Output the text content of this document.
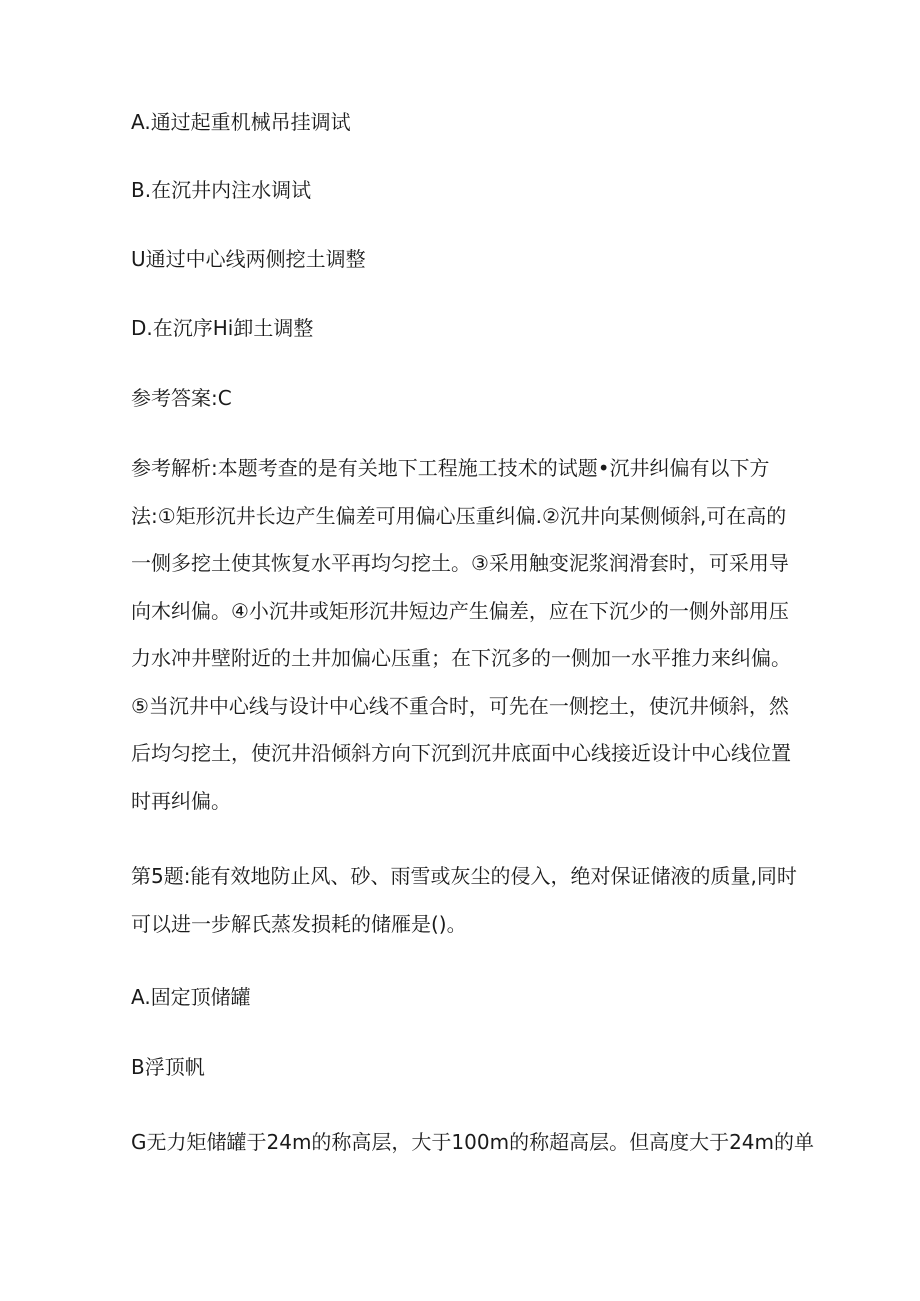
A.通过起重机械吊挂调试
B.在沉井内注水调试
U通过中心线两侧挖土调整
D.在沉序Hi卸土调整
参考答案:C
参考解析:本题考查的是有关地下工程施工技术的试题•沉井纠偏有以下方
法:①矩形沉井长边产生偏差可用偏心压重纠偏.②沉井向某侧倾斜,可在高的
一侧多挖土使其恢复水平再均匀挖土。③采用触变泥浆润滑套时，可采用导
向木纠偏。④小沉井或矩形沉井短边产生偏差，应在下沉少的一侧外部用压
力水冲井壁附近的土井加偏心压重；在下沉多的一侧加一水平推力来纠偏。
⑤当沉井中心线与设计中心线不重合时，可先在一侧挖土，使沉井倾斜，然
后均匀挖土，使沉井沿倾斜方向下沉到沉井底面中心线接近设计中心线位置
时再纠偏。
第5题:能有效地防止风、砂、雨雪或灰尘的侵入，绝对保证储液的质量,同时
可以进一步解氏蒸发损耗的储雁是()。
A.固定顶储罐
B浮顶帆
G无力矩储罐于24m的称高层，大于100m的称超高层。但高度大于24m的单
